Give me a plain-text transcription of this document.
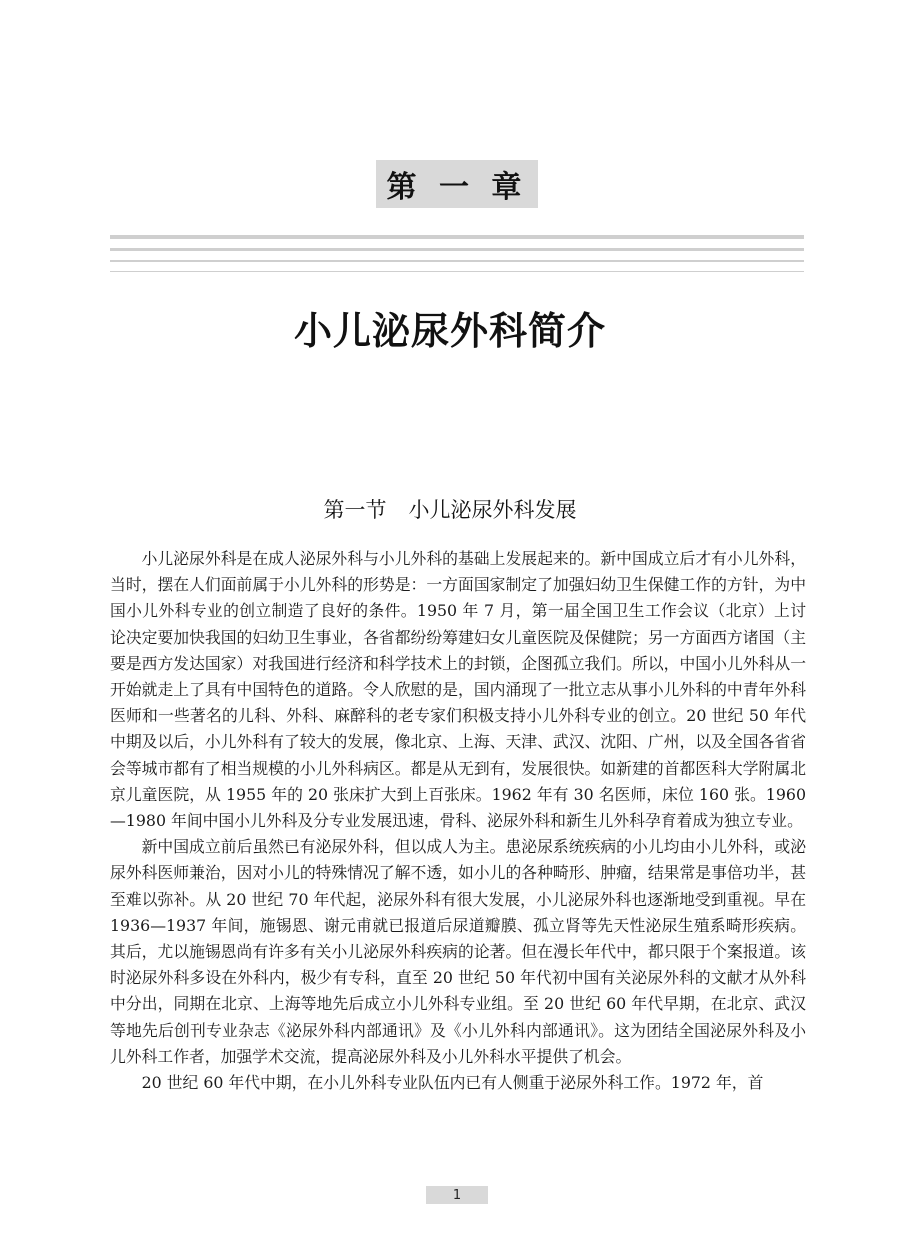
第 一 章
小儿泌尿外科简介
第一节 小儿泌尿外科发展

小儿泌尿外科是在成人泌尿外科与小儿外科的基础上发展起来的。新中国成立后才有小儿外科，当时，摆在人们面前属于小儿外科的形势是：一方面国家制定了加强妇幼卫生保健工作的方针，为中国小儿外科专业的创立制造了良好的条件。1950 年 7 月，第一届全国卫生工作会议（北京）上讨论决定要加快我国的妇幼卫生事业，各省都纷纷筹建妇女儿童医院及保健院；另一方面西方诸国（主要是西方发达国家）对我国进行经济和科学技术上的封锁，企图孤立我们。所以，中国小儿外科从一开始就走上了具有中国特色的道路。令人欣慰的是，国内涌现了一批立志从事小儿外科的中青年外科医师和一些著名的儿科、外科、麻醉科的老专家们积极支持小儿外科专业的创立。20 世纪 50 年代中期及以后，小儿外科有了较大的发展，像北京、上海、天津、武汉、沈阳、广州，以及全国各省省会等城市都有了相当规模的小儿外科病区。都是从无到有，发展很快。如新建的首都医科大学附属北京儿童医院，从 1955 年的 20 张床扩大到上百张床。1962 年有 30 名医师，床位 160 张。1960—1980 年间中国小儿外科及分专业发展迅速，骨科、泌尿外科和新生儿外科孕育着成为独立专业。

新中国成立前后虽然已有泌尿外科，但以成人为主。患泌尿系统疾病的小儿均由小儿外科，或泌尿外科医师兼治，因对小儿的特殊情况了解不透，如小儿的各种畸形、肿瘤，结果常是事倍功半，甚至难以弥补。从 20 世纪 70 年代起，泌尿外科有很大发展，小儿泌尿外科也逐渐地受到重视。早在 1936—1937 年间，施锡恩、谢元甫就已报道后尿道瓣膜、孤立肾等先天性泌尿生殖系畸形疾病。其后，尤以施锡恩尚有许多有关小儿泌尿外科疾病的论著。但在漫长年代中，都只限于个案报道。该时泌尿外科多设在外科内，极少有专科，直至 20 世纪 50 年代初中国有关泌尿外科的文献才从外科中分出，同期在北京、上海等地先后成立小儿外科专业组。至 20 世纪 60 年代早期，在北京、武汉等地先后创刊专业杂志《泌尿外科内部通讯》及《小儿外科内部通讯》。这为团结全国泌尿外科及小儿外科工作者，加强学术交流，提高泌尿外科及小儿外科水平提供了机会。

20 世纪 60 年代中期，在小儿外科专业队伍内已有人侧重于泌尿外科工作。1972 年，首

1
